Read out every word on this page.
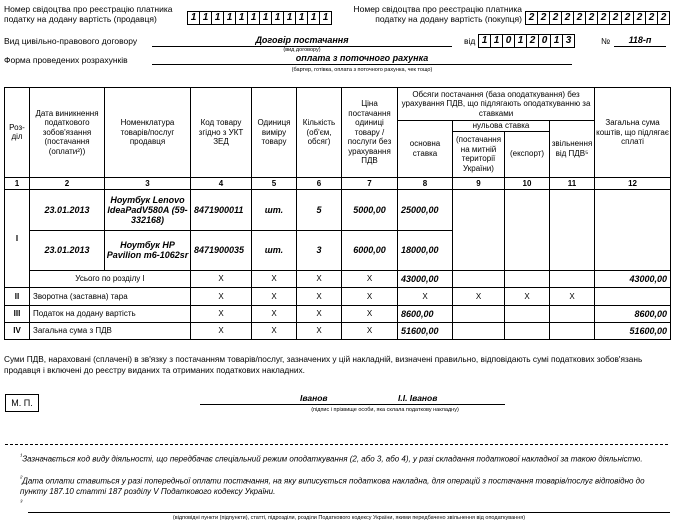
Номер свідоцтва про реєстрацію платника податку на додану вартість (продавця)	1 1 1 1 1 1 1 1 1 1 1 1
Номер свідоцтва про реєстрацію платника податку на додану вартість (покупця) 2 2 2 2 2 2 2 2 2 2 2 2
Вид цивільно-правового договору	Договір постачання
(вид договору)
від 1 1 0 1 2 0 1 3	№	118-п
Форма проведених розрахунків	оплата з поточного рахунка
(бартер, готівка, оплата з поточного рахунка, чек тощо)
Роз-діл	Дата виникнення податкового зобов'язання (постачання (оплати²))	Номенклатура товарів/послуг продавця	Код товару згідно з УКТ ЗЕД	Одиниця виміру товару	Кількість (об'єм, обсяг)	Ціна постачання одиниці товару / послуги без урахування ПДВ	Обсяги постачання (база оподаткування) без урахування ПДВ, що підлягають оподаткуванню за ставками				Загальна сума коштів, що підлягає сплаті
							основна ставка	нульова ставка		звільнення від ПДВ⁵	
								(постачання на митній території України)	(експорт)		
1	2	3	4	5	6	7	8	9	10	11	12
І	23.01.2013	Ноутбук Lenovo IdeaPadV580A (59-332168)	8471900011	шт.	5	5000,00	25000,00				
	23.01.2013	Ноутбук HP Pavilion m6-1062sr	8471900035	шт.	3	6000,00	18000,00				
	Усього по розділу І		Х	Х	Х	Х	43000,00				43000,00
II	Зворотна (заставна) тара		Х	Х	Х	Х	Х	Х	Х	Х	
III	Податок на додану вартість		Х	Х	Х	Х	8600,00				8600,00
IV	Загальна сума з ПДВ		Х	Х	Х	Х	51600,00				51600,00
Суми ПДВ, нараховані (сплачені) в зв'язку з постачанням товарів/послуг, зазначених у цій накладній, визначені правильно, відповідають сумі податкових зобов'язань продавця і включені до реєстру виданих та отриманих податкових накладних.
М. П.	Іванов	І.І. Іванов
(підпис і прізвище особи, яка склала податкову накладну)
$^{^1}$Зазначається код виду діяльності, що передбачає спеціальний режим оподаткування (2, або 3, або 4), у разі складання податкової накладної за такою діяльністю.
$^{^2}$Дата оплати ставиться у разі попередньої оплати постачання, на яку виписується податкова накладна, для операцій з постачання товарів/послуг відповідно до пункту 187.10 статті 187 розділу V Податкового кодексу України.
$^{^3}$
(відповідні пункти (підпункти), статті, підрозділи, розділи Податкового кодексу України, якими передбачено звільнення від оподаткування)
